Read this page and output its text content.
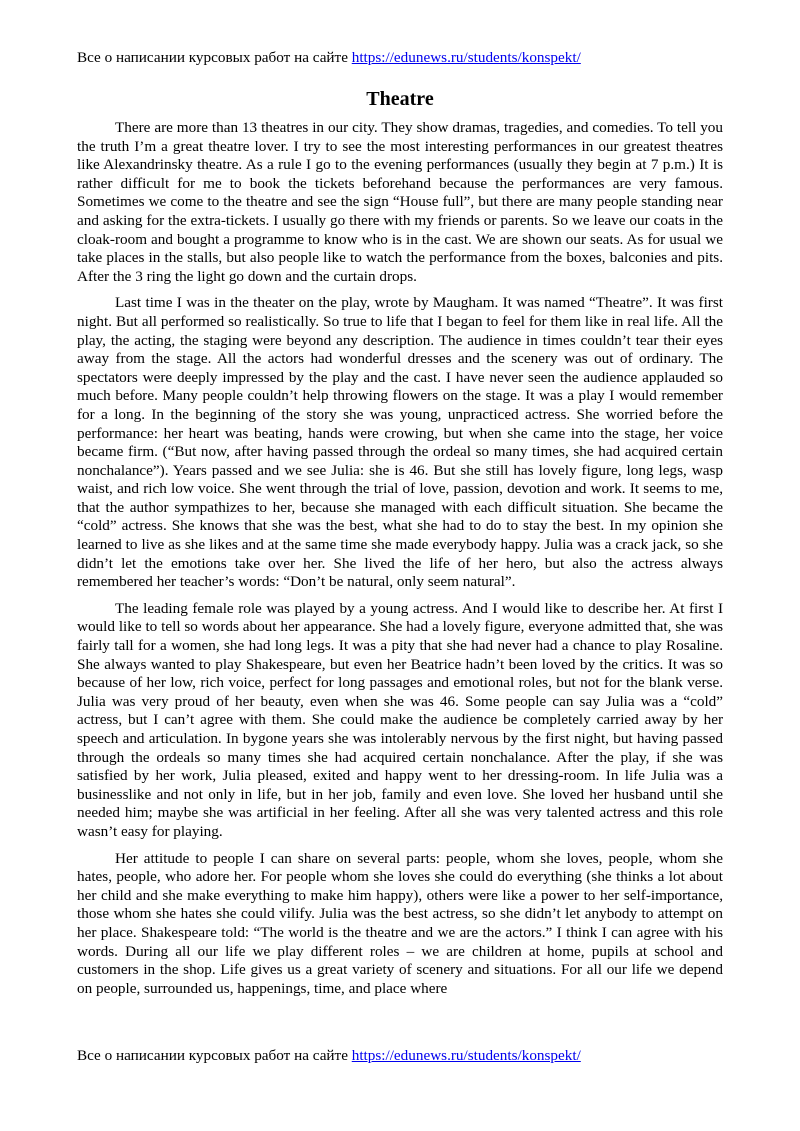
Все о написании курсовых работ на сайте https://edunews.ru/students/konspekt/
Theatre

There are more than 13 theatres in our city. They show dramas, tragedies, and comedies. To tell you the truth I’m a great theatre lover. I try to see the most interesting performances in our greatest theatres like Alexandrinsky theatre. As a rule I go to the evening performances (usually they begin at 7 p.m.) It is rather difficult for me to book the tickets beforehand because the performances are very famous. Sometimes we come to the theatre and see the sign “House full”, but there are many people standing near and asking for the extra-tickets. I usually go there with my friends or parents. So we leave our coats in the cloak-room and bought a programme to know who is in the cast. We are shown our seats. As for usual we take places in the stalls, but also people like to watch the performance from the boxes, balconies and pits. After the 3 ring the light go down and the curtain drops.

Last time I was in the theater on the play, wrote by Maugham. It was named “Theatre”. It was first night. But all performed so realistically. So true to life that I began to feel for them like in real life. All the play, the acting, the staging were beyond any description. The audience in times couldn’t tear their eyes away from the stage. All the actors had wonderful dresses and the scenery was out of ordinary. The spectators were deeply impressed by the play and the cast. I have never seen the audience applauded so much before. Many people couldn’t help throwing flowers on the stage. It was a play I would remember for a long. In the beginning of the story she was young, unpracticed actress. She worried before the performance: her heart was beating, hands were crowing, but when she came into the stage, her voice became firm. (“But now, after having passed through the ordeal so many times, she had acquired certain nonchalance”). Years passed and we see Julia: she is 46. But she still has lovely figure, long legs, wasp waist, and rich low voice. She went through the trial of love, passion, devotion and work. It seems to me, that the author sympathizes to her, because she managed with each difficult situation. She became the “cold” actress. She knows that she was the best, what she had to do to stay the best. In my opinion she learned to live as she likes and at the same time she made everybody happy. Julia was a crack jack, so she didn’t let the emotions take over her. She lived the life of her hero, but also the actress always remembered her teacher’s words: “Don’t be natural, only seem natural”.

The leading female role was played by a young actress. And I would like to describe her. At first I would like to tell so words about her appearance. She had a lovely figure, everyone admitted that, she was fairly tall for a women, she had long legs. It was a pity that she had never had a chance to play Rosaline. She always wanted to play Shakespeare, but even her Beatrice hadn’t been loved by the critics. It was so because of her low, rich voice, perfect for long passages and emotional roles, but not for the blank verse. Julia was very proud of her beauty, even when she was 46. Some people can say Julia was a “cold” actress, but I can’t agree with them. She could make the audience be completely carried away by her speech and articulation. In bygone years she was intolerably nervous by the first night, but having passed through the ordeals so many times she had acquired certain nonchalance. After the play, if she was satisfied by her work, Julia pleased, exited and happy went to her dressing-room. In life Julia was a businesslike and not only in life, but in her job, family and even love. She loved her husband until she needed him; maybe she was artificial in her feeling. After all she was very talented actress and this role wasn’t easy for playing.

Her attitude to people I can share on several parts: people, whom she loves, people, whom she hates, people, who adore her. For people whom she loves she could do everything (she thinks a lot about her child and she make everything to make him happy), others were like a power to her self-importance, those whom she hates she could vilify. Julia was the best actress, so she didn’t let anybody to attempt on her place. Shakespeare told: “The world is the theatre and we are the actors.” I think I can agree with his words. During all our life we play different roles – we are children at home, pupils at school and customers in the shop. Life gives us a great variety of scenery and situations. For all our life we depend on people, surrounded us, happenings, time, and place where

Все о написании курсовых работ на сайте https://edunews.ru/students/konspekt/
